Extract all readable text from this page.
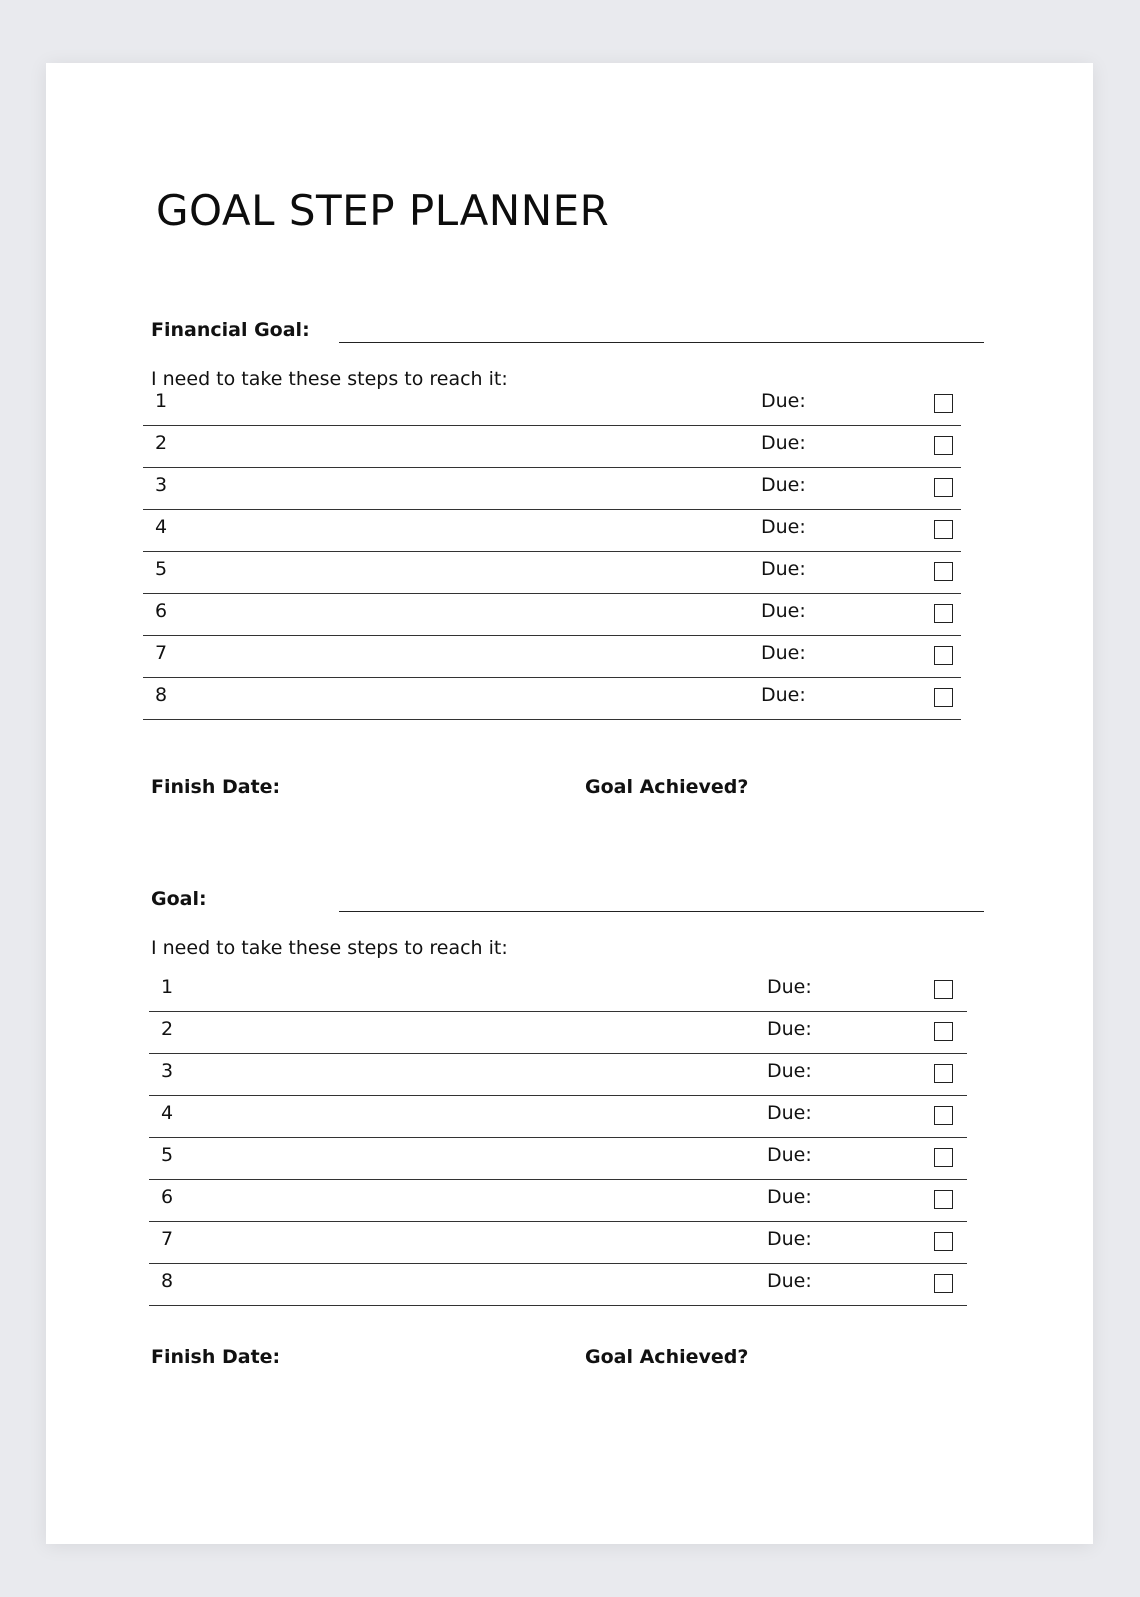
GOAL STEP PLANNER
Financial Goal:
I need to take these steps to reach it:
1	Due:
2	Due:
3	Due:
4	Due:
5	Due:
6	Due:
7	Due:
8	Due:
Finish Date:	Goal Achieved?
Goal:
I need to take these steps to reach it:
1	Due:
2	Due:
3	Due:
4	Due:
5	Due:
6	Due:
7	Due:
8	Due:
Finish Date:	Goal Achieved?
